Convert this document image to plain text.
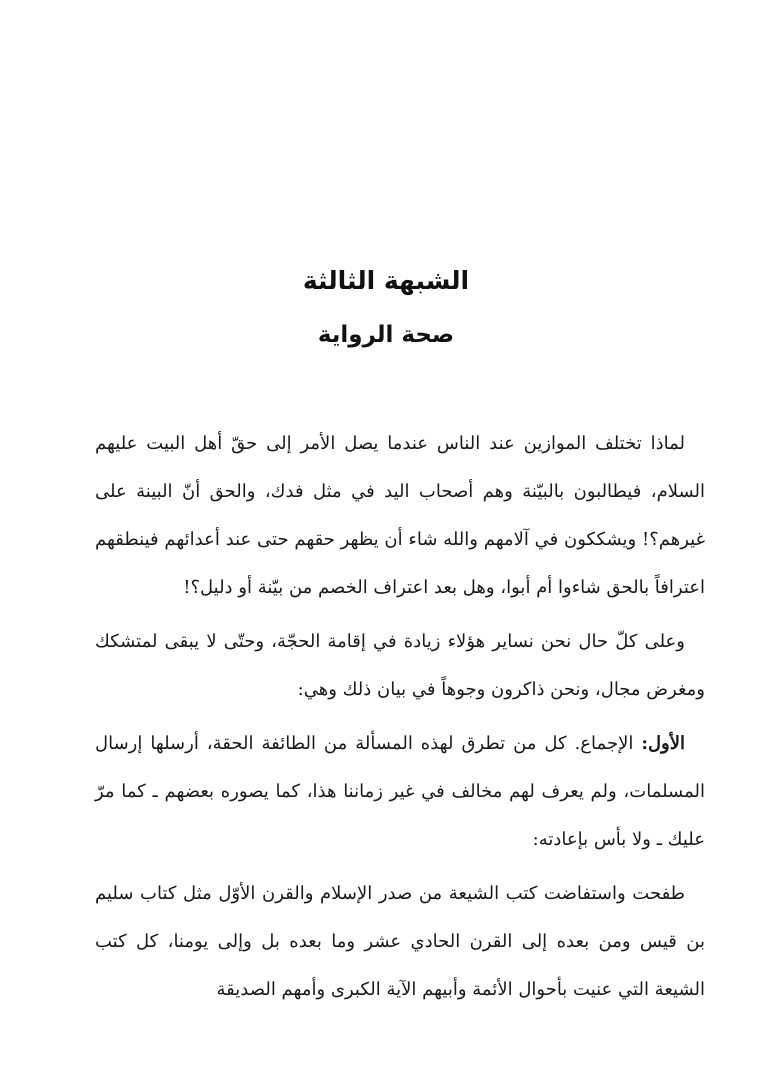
الشبهة الثالثة
صحة الرواية

لماذا تختلف الموازين عند الناس عندما يصل الأمر إلى حقّ أهل البيت عليهم السلام، فيطالبون بالبيّنة وهم أصحاب اليد في مثل فدك، والحق أنّ البينة على غيرهم؟! ويشككون في آلامهم والله شاء أن يظهر حقهم حتى عند أعدائهم فينطقهم اعترافاً بالحق شاءوا أم أبوا، وهل بعد اعتراف الخصم من بيّنة أو دليل؟!

وعلى كلّ حال نحن نساير هؤلاء زيادة في إقامة الحجّة، وحتّى لا يبقى لمتشكك ومغرض مجال، ونحن ذاكرون وجوهاً في بيان ذلك وهي:

الأول: الإجماع. كل من تطرق لهذه المسألة من الطائفة الحقة، أرسلها إرسال المسلمات، ولم يعرف لهم مخالف في غير زماننا هذا، كما يصوره بعضهم ـ كما مرّ عليك ـ ولا بأس بإعادته:

طفحت واستفاضت كتب الشيعة من صدر الإسلام والقرن الأوّل مثل كتاب سليم بن قيس ومن بعده إلى القرن الحادي عشر وما بعده بل وإلى يومنا، كل كتب الشيعة التي عنيت بأحوال الأئمة وأبيهم الآية الكبرى وأمهم الصديقة
